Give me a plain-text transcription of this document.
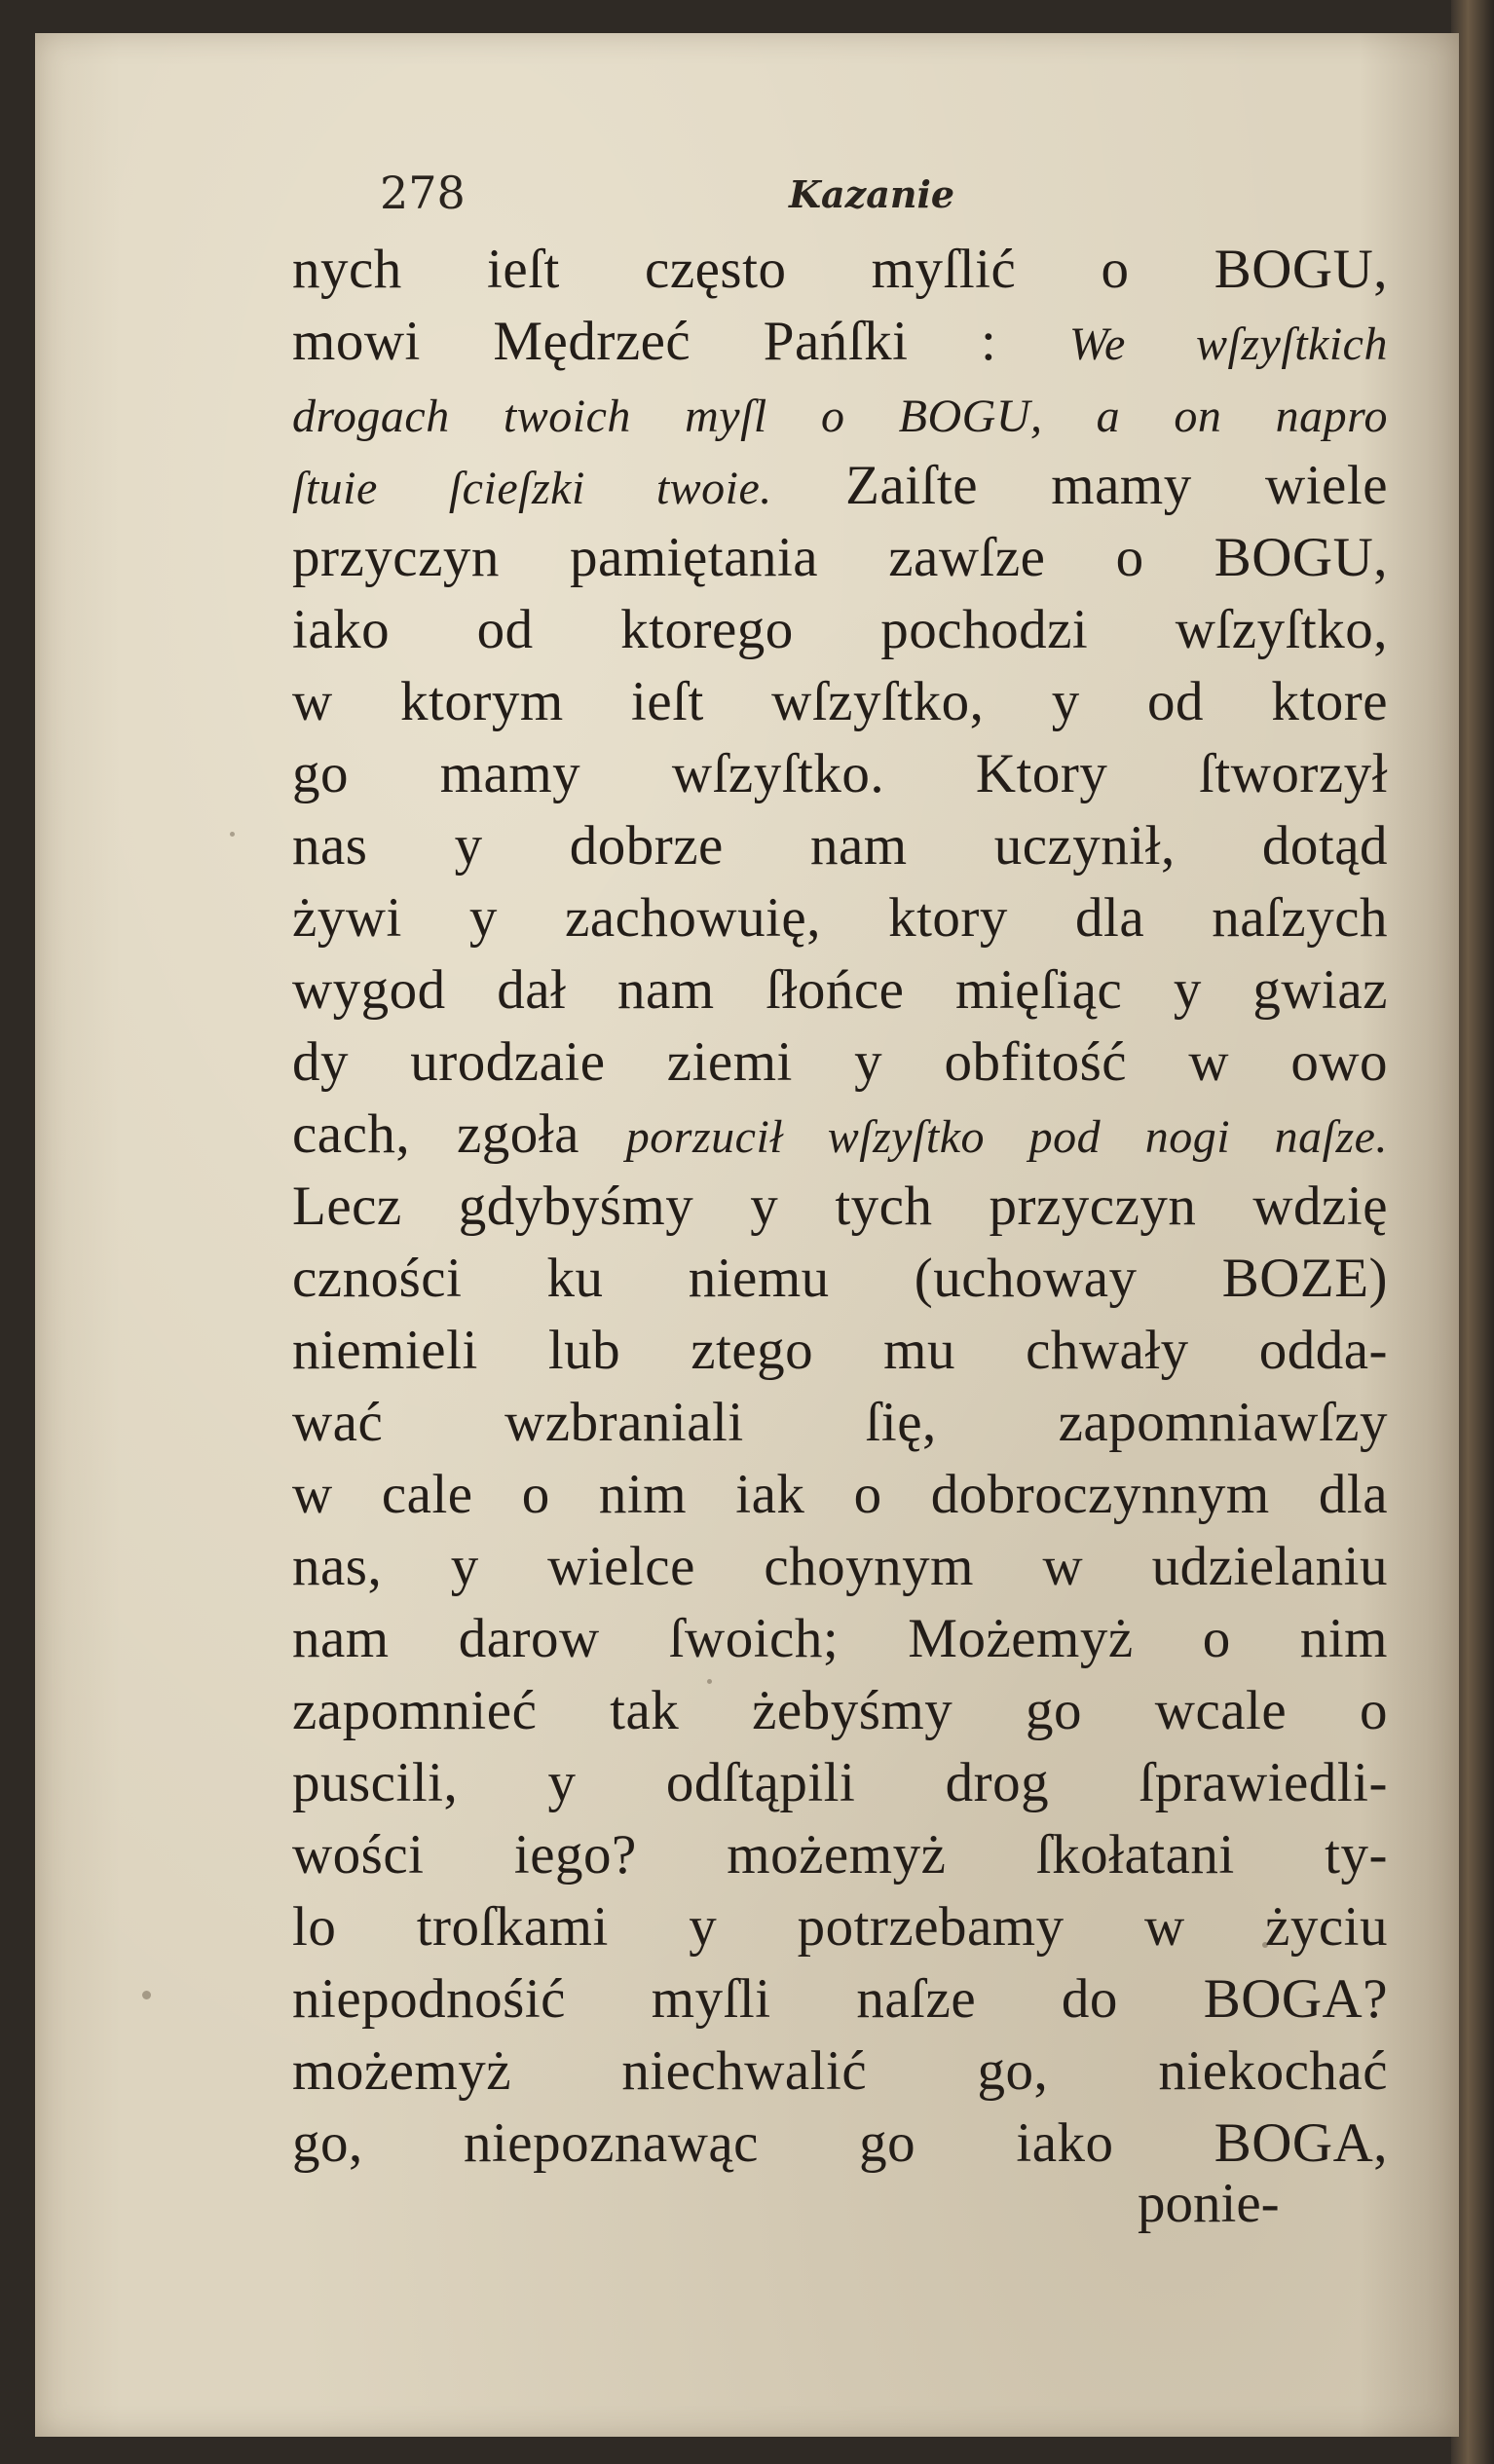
278	Kazanie
nych ieſt często myſlić o BOGU,
mowi Mędrzeć Pańſki : We wſzyſtkich
drogach twoich myſl o BOGU, a on napro
ſtuie ſcieſzki twoie. Zaiſte mamy wiele
przyczyn pamiętania zawſze o BOGU,
iako od ktorego pochodzi wſzyſtko,
w ktorym ieſt wſzyſtko, y od ktore
go mamy wſzyſtko. Ktory ſtworzył
nas y dobrze nam uczynił, dotąd
żywi y zachowuię, ktory dla naſzych
wygod dał nam ſłońce mięſiąc y gwiaz
dy urodzaie ziemi y obfitość w owo
cach, zgoła porzucił wſzyſtko pod nogi naſze.
Lecz gdybyśmy y tych przyczyn wdzię
czności ku niemu (uchoway BOZE)
niemieli lub ztego mu chwały odda-
wać wzbraniali ſię, zapomniawſzy
w cale o nim iak o dobroczynnym dla
nas, y wielce choynym w udzielaniu
nam darow ſwoich; Możemyż o nim
zapomnieć tak żebyśmy go wcale o
puscili, y odſtąpili drog ſprawiedli-
wości iego? możemyż ſkołatani ty-
lo troſkami y potrzebamy w życiu
niepodnośić myſli naſze do BOGA?
możemyż niechwalić go, niekochać
go, niepoznawąc go iako BOGA,
ponie-
